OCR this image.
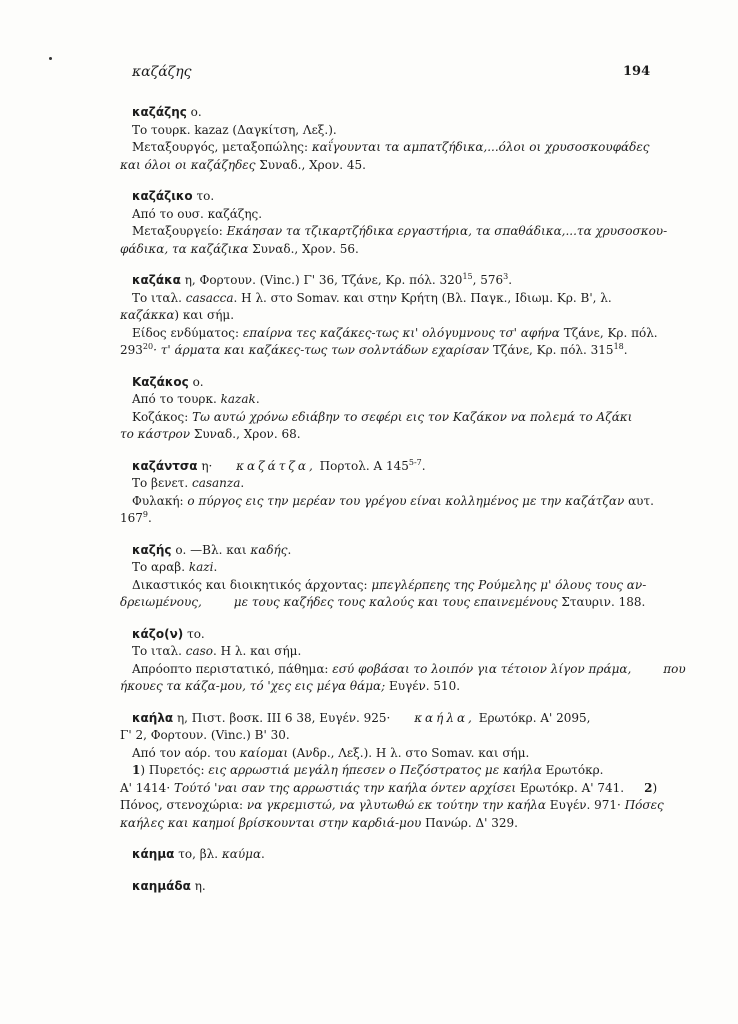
καζάζης	194

καζάζης ο.

Το τουρκ. kazaz (Δαγκίτση, Λεξ.).

Μεταξουργός, μεταξοπώλης: καΐγουνται τα αμπατζήδικα,...όλοι οι χρυσοσκουφάδες

και όλοι οι καζάζηδες Συναδ., Χρον. 45.

καζάζικο το.

Από το ουσ. καζάζης.

Μεταξουργείο: Εκάησαν τα τζικαρτζήδικα εργαστήρια, τα σπαθάδικα,...τα χρυσοσκου-

φάδικα, τα καζάζικα Συναδ., Χρον. 56.

καζάκα η, Φορτουν. (Vinc.) Γ' 36, Τζάνε, Κρ. πόλ. $320^{15}$, $576^3$.

Το ιταλ. casacca. Η λ. στο Somav. και στην Κρήτη (Βλ. Παγκ., Ιδιωμ. Κρ. Β', λ.

καζάκκα) και σήμ.

Είδος ενδύματος: επαίρνα τες καζάκες-τως κι' ολόγυμνους τσ' αφήνα Τζάνε, Κρ. πόλ.

$293^{20}\cdot \tau'$ άρματα και καζάκες-τως των σολντάδων εχαρίσαν Τζάνε, Κρ. πόλ. $315^{18}$.

Καζάκος ο.

Από το τουρκ. kazak.

Κοζάκος: Τω αυτώ χρόνω εδιάβην το σεφέρι εις τον Καζάκον να πολεμά το Αζάκι

το κάστρον Συναδ., Χρον. 68.

καζάντσα η· καζάτζα, Πορτολ. Α 145$^{5-7}$.

Το βενετ. casanza.

Φυλακή: ο πύργος εις την μερέαν του γρέγου είναι κολλημένος με την καζάτζαν αυτ.

$167^9$.

καζής ο. —Βλ. και καδής.

Το αραβ. kazi.

Δικαστικός και διοικητικός άρχοντας: μπεγλέρπεης της Ρούμελης μ' όλους τους αν-

δρειωμένους,	με τους καζήδες τους καλούς και τους επαινεμένους Σταυριν. 188.

κάζο(ν) το.

Το ιταλ. caso. Η λ. και σήμ.

Απρόοπτο περιστατικό, πάθημα: εσύ φοβάσαι το λοιπόν για τέτοιον λίγον πράμα,	που

ήκουες τα κάζα-μου, τό 'χες εις μέγα θάμα; Ευγέν. 510.

καήλα η, Πιστ. βοσκ. ΙΙΙ 6 38, Ευγέν. 925· καήλα, Ερωτόκρ. Α' 2095,

Γ' 2, Φορτουν. (Vinc.) Β' 30.

Από τον αόρ. του καίομαι (Ανδρ., Λεξ.). Η λ. στο Somav. και σήμ.

1) Πυρετός: εις αρρωστιά μεγάλη ήπεσεν ο Πεζόστρατος με καήλα Ερωτόκρ.

Α' 1414· Τούτό 'ναι σαν της αρρωστιάς την καήλα όντεν αρχίσει Ερωτόκρ. Α' 741. 2)

Πόνος, στενοχώρια: να γκρεμιστώ, να γλυτωθώ εκ τούτην την καήλα Ευγέν. 971· Πόσες

καήλες και καημοί βρίσκουνται στην καρδιά-μου Πανώρ. Δ' 329.

κάημα το, βλ. καύμα.

καημάδα η.
